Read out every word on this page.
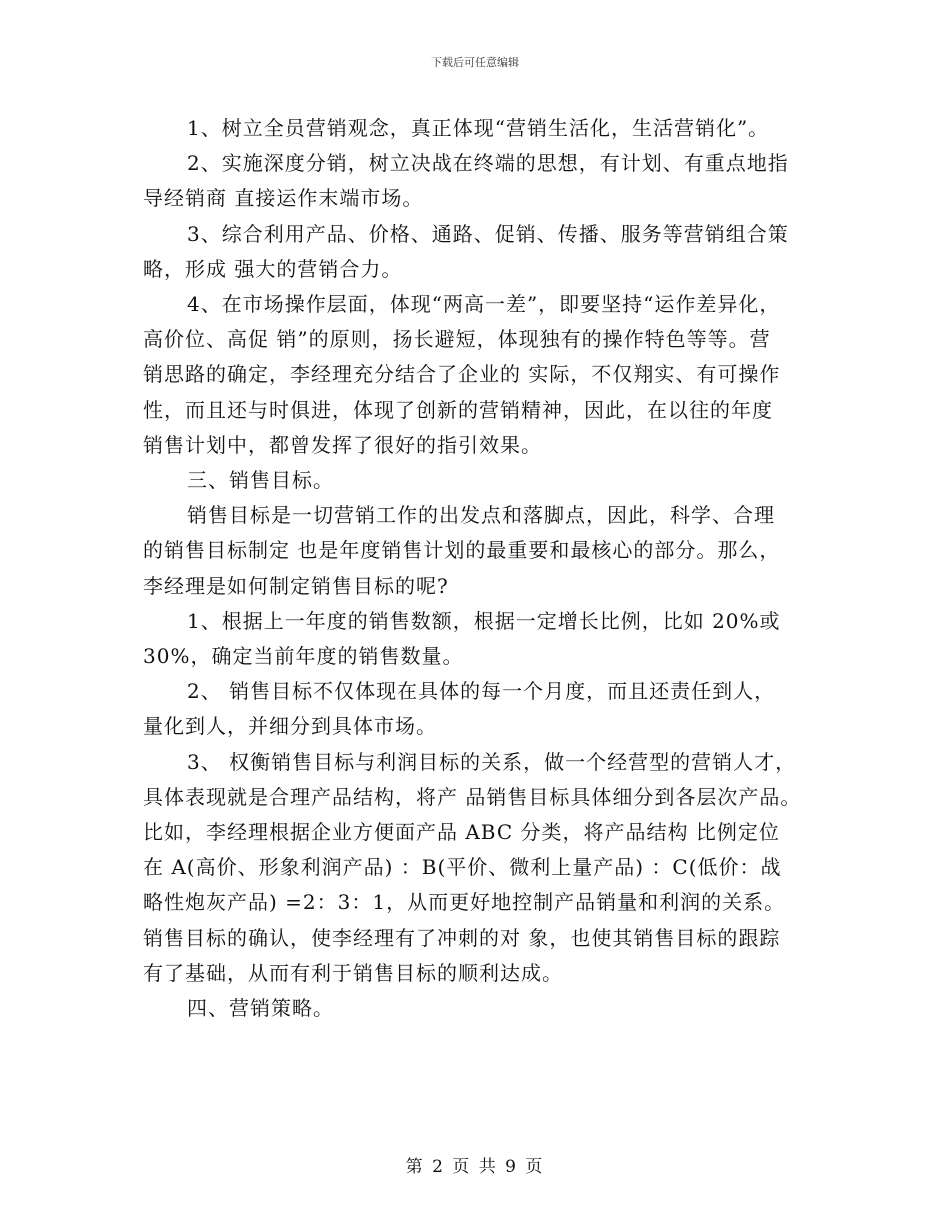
下载后可任意编辑
1、树立全员营销观念，真正体现“营销生活化，生活营销化”。
2、实施深度分销，树立决战在终端的思想，有计划、有重点地指
导经销商 直接运作末端市场。
3、综合利用产品、价格、通路、促销、传播、服务等营销组合策
略，形成 强大的营销合力。
4、在市场操作层面，体现“两高一差”，即要坚持“运作差异化，
高价位、高促 销”的原则，扬长避短，体现独有的操作特色等等。营
销思路的确定，李经理充分结合了企业的 实际，不仅翔实、有可操作
性，而且还与时俱进，体现了创新的营销精神，因此，在以往的年度
销售计划中，都曾发挥了很好的指引效果。
三、销售目标。
销售目标是一切营销工作的出发点和落脚点，因此，科学、合理
的销售目标制定 也是年度销售计划的最重要和最核心的部分。那么，
李经理是如何制定销售目标的呢?
1、根据上一年度的销售数额，根据一定增长比例，比如 20%或
30%，确定当前年度的销售数量。
2、 销售目标不仅体现在具体的每一个月度，而且还责任到人，
量化到人，并细分到具体市场。
3、 权衡销售目标与利润目标的关系，做一个经营型的营销人才，
具体表现就是合理产品结构，将产 品销售目标具体细分到各层次产品。
比如，李经理根据企业方便面产品 ABC 分类，将产品结构 比例定位
在 A(高价、形象利润产品) ：B(平价、微利上量产品) ：C(低价：战
略性炮灰产品) =2：3：1，从而更好地控制产品销量和利润的关系。
销售目标的确认，使李经理有了冲刺的对 象，也使其销售目标的跟踪
有了基础，从而有利于销售目标的顺利达成。
四、营销策略。
第 2 页 共 9 页
